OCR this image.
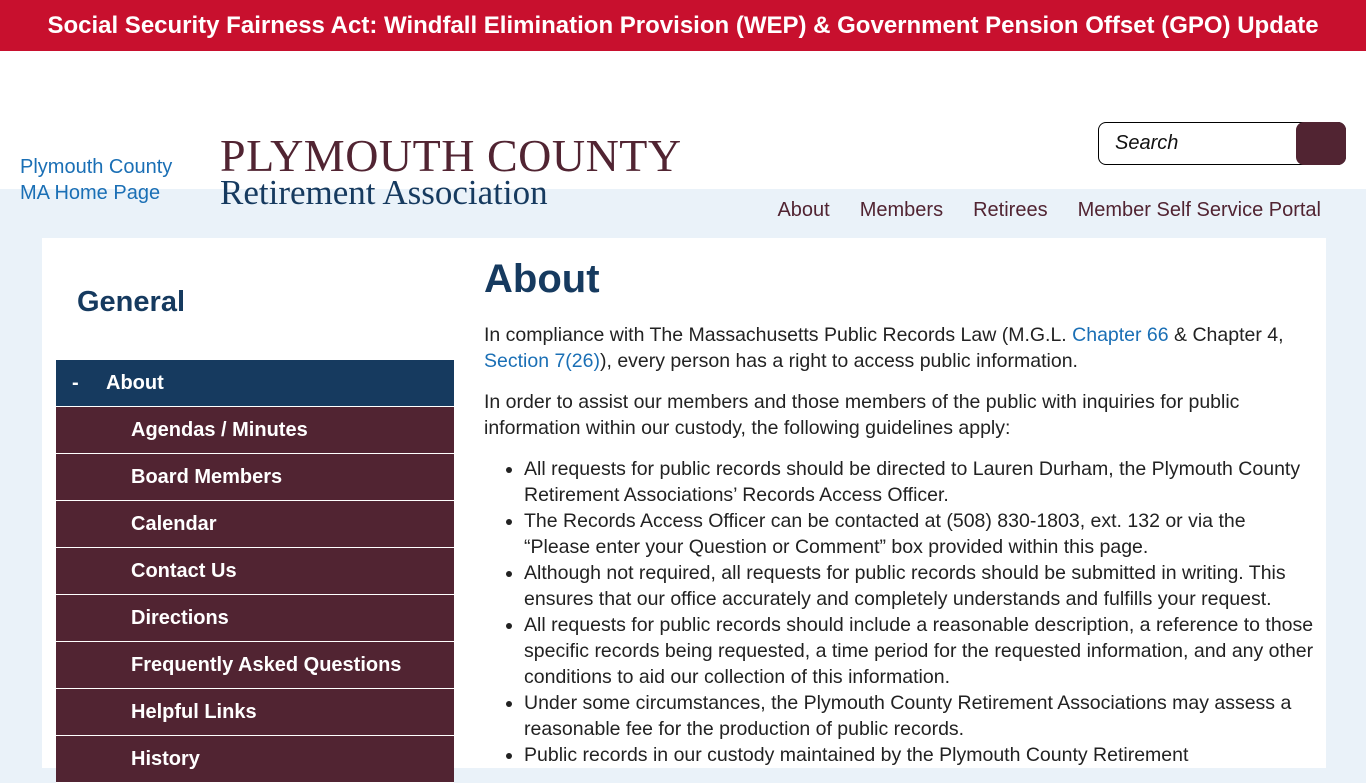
Social Security Fairness Act: Windfall Elimination Provision (WEP) & Government Pension Offset (GPO) Update
Plymouth County MA Home Page
PLYMOUTH COUNTY
Retirement Association
Search	About Members Retirees Member Self Service Portal
General
- About
Agendas / Minutes
Board Members
Calendar
Contact Us
Directions
Frequently Asked Questions
Helpful Links
History
About

In compliance with The Massachusetts Public Records Law (M.G.L. Chapter 66 & Chapter 4, Section 7(26)), every person has a right to access public information.

In order to assist our members and those members of the public with inquiries for public information within our custody, the following guidelines apply:

• All requests for public records should be directed to Lauren Durham, the Plymouth County Retirement Associations’ Records Access Officer.
• The Records Access Officer can be contacted at (508) 830-1803, ext. 132 or via the “Please enter your Question or Comment” box provided within this page.
• Although not required, all requests for public records should be submitted in writing. This ensures that our office accurately and completely understands and fulfills your request.
• All requests for public records should include a reasonable description, a reference to those specific records being requested, a time period for the requested information, and any other conditions to aid our collection of this information.
• Under some circumstances, the Plymouth County Retirement Associations may assess a reasonable fee for the production of public records.
• Public records in our custody maintained by the Plymouth County Retirement
